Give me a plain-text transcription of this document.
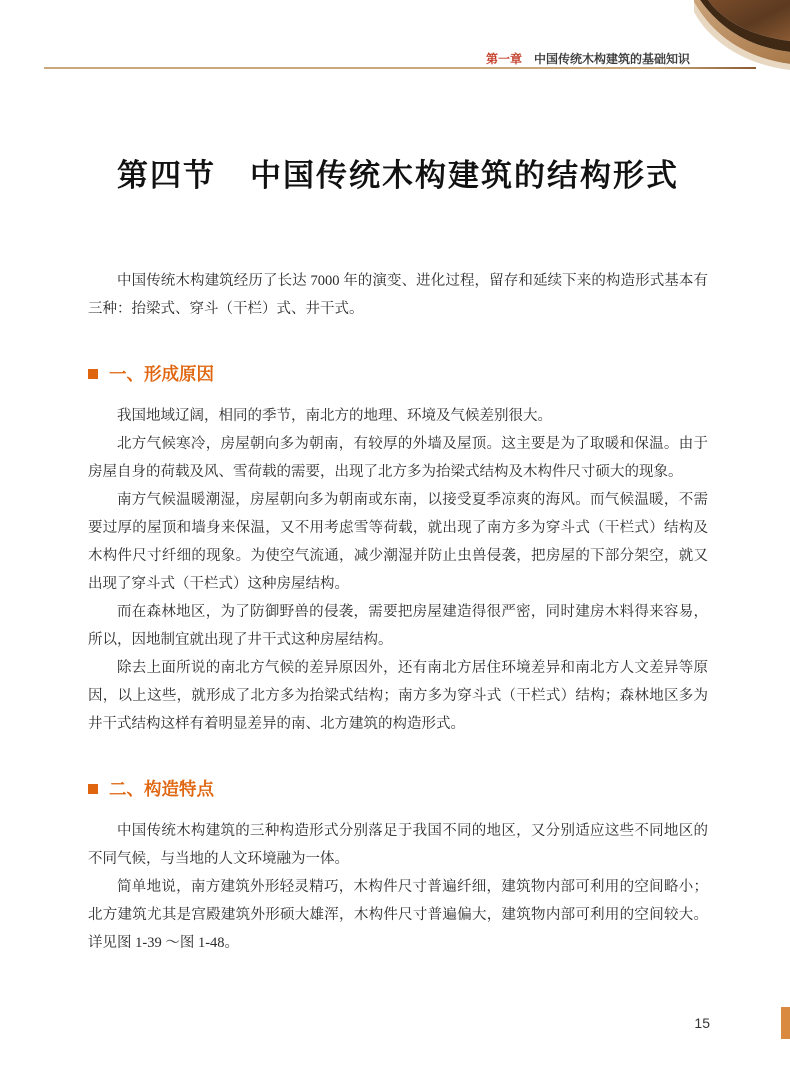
第一章 中国传统木构建筑的基础知识
第四节 中国传统木构建筑的结构形式

中国传统木构建筑经历了长达 7000 年的演变、进化过程，留存和延续下来的构造形式基本有三种：抬梁式、穿斗（干栏）式、井干式。

一、形成原因

我国地域辽阔，相同的季节，南北方的地理、环境及气候差别很大。

北方气候寒冷，房屋朝向多为朝南，有较厚的外墙及屋顶。这主要是为了取暖和保温。由于房屋自身的荷载及风、雪荷载的需要，出现了北方多为抬梁式结构及木构件尺寸硕大的现象。

南方气候温暖潮湿，房屋朝向多为朝南或东南，以接受夏季凉爽的海风。而气候温暖，不需要过厚的屋顶和墙身来保温，又不用考虑雪等荷载，就出现了南方多为穿斗式（干栏式）结构及木构件尺寸纤细的现象。为使空气流通，减少潮湿并防止虫兽侵袭，把房屋的下部分架空，就又出现了穿斗式（干栏式）这种房屋结构。

而在森林地区，为了防御野兽的侵袭，需要把房屋建造得很严密，同时建房木料得来容易，所以，因地制宜就出现了井干式这种房屋结构。

除去上面所说的南北方气候的差异原因外，还有南北方居住环境差异和南北方人文差异等原因，以上这些，就形成了北方多为抬梁式结构；南方多为穿斗式（干栏式）结构；森林地区多为井干式结构这样有着明显差异的南、北方建筑的构造形式。

二、构造特点

中国传统木构建筑的三种构造形式分别落足于我国不同的地区，又分别适应这些不同地区的不同气候，与当地的人文环境融为一体。

简单地说，南方建筑外形轻灵精巧，木构件尺寸普遍纤细，建筑物内部可利用的空间略小；北方建筑尤其是宫殿建筑外形硕大雄浑，木构件尺寸普遍偏大，建筑物内部可利用的空间较大。详见图 1-39 ～图 1-48。

15
